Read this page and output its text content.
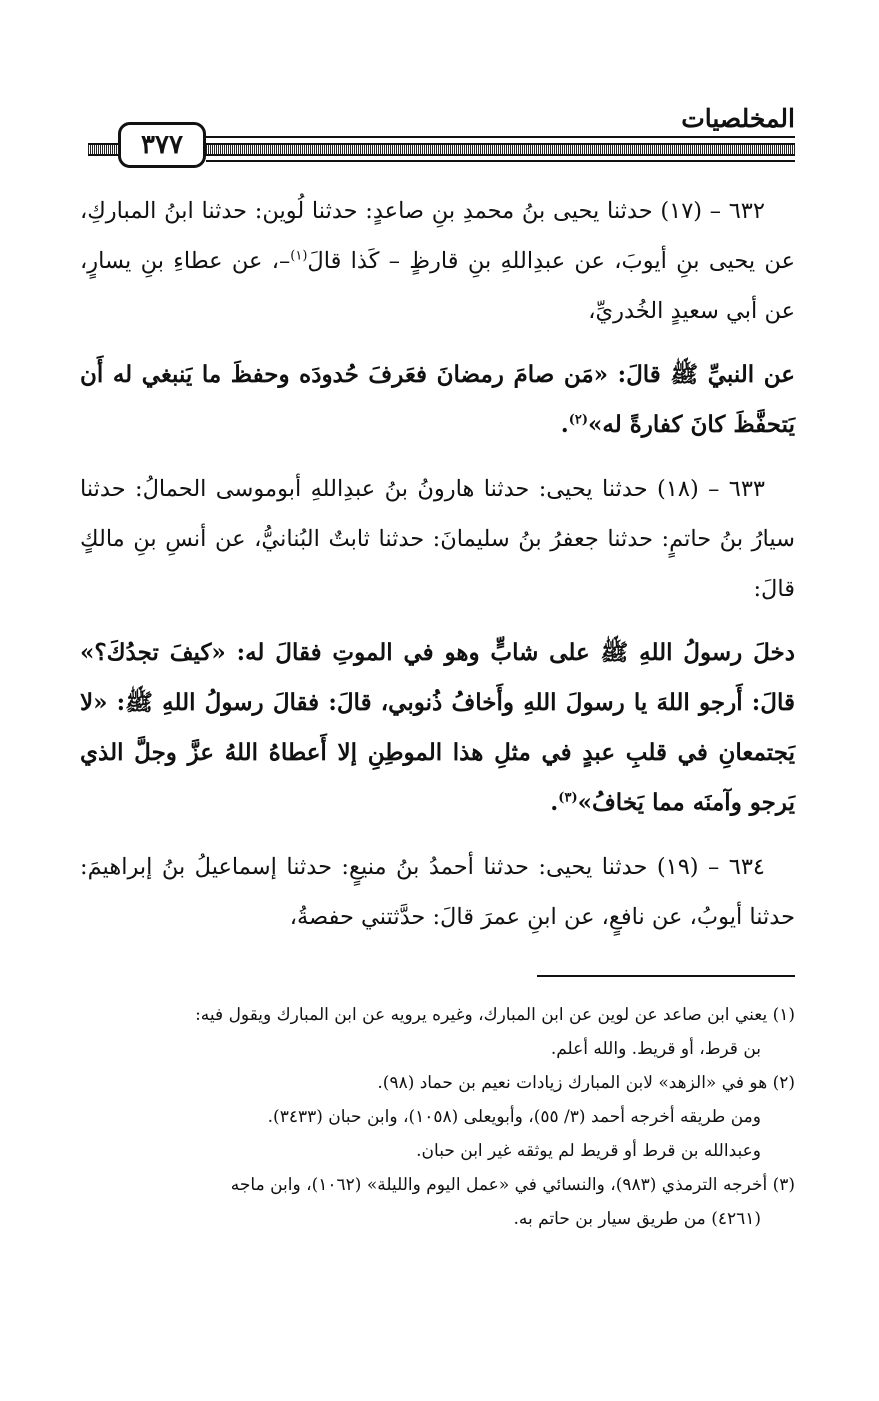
المخلصيات
٣٧٧

٦٣٢ – (١٧) حدثنا يحيى بنُ محمدِ بنِ صاعدٍ: حدثنا لُوين: حدثنا ابنُ المباركِ، عن يحيى بنِ أيوبَ، عن عبدِاللهِ بنِ قارظٍ – كَذا قالَ$^{(١)}$–، عن عطاءِ بنِ يسارٍ، عن أبي سعيدٍ الخُدريِّ،

عن النبيِّ ﷺ قالَ: «مَن صامَ رمضانَ فعَرفَ حُدودَه وحفظَ ما يَنبغي له أَن يَتحفَّظَ كانَ كفارةً له»$^{(٢)}$.

٦٣٣ – (١٨) حدثنا يحيى: حدثنا هارونُ بنُ عبدِاللهِ أبوموسى الحمالُ: حدثنا سيارُ بنُ حاتمٍ: حدثنا جعفرُ بنُ سليمانَ: حدثنا ثابتٌ البُنانيُّ، عن أنسِ بنِ مالكٍ قالَ:

دخلَ رسولُ اللهِ ﷺ على شابٍّ وهو في الموتِ فقالَ له: «كيفَ تجدُكَ؟» قالَ: أَرجو اللهَ يا رسولَ اللهِ وأَخافُ ذُنوبي، قالَ: فقالَ رسولُ اللهِ ﷺ: «لا يَجتمعانِ في قلبِ عبدٍ في مثلِ هذا الموطِنِ إلا أَعطاهُ اللهُ عزَّ وجلَّ الذي يَرجو وآمنَه مما يَخافُ»$^{(٣)}$.

٦٣٤ – (١٩) حدثنا يحيى: حدثنا أحمدُ بنُ منيعٍ: حدثنا إسماعيلُ بنُ إبراهيمَ: حدثنا أيوبُ، عن نافعٍ، عن ابنِ عمرَ قالَ: حدَّثتني حفصةُ،

(١) يعني ابن صاعد عن لوين عن ابن المبارك، وغيره يرويه عن ابن المبارك ويقول فيه:

بن قرط، أو قريط. والله أعلم.

(٢) هو في «الزهد» لابن المبارك زيادات نعيم بن حماد (٩٨).

ومن طريقه أخرجه أحمد (٣/ ٥٥)، وأبويعلى (١٠٥٨)، وابن حبان (٣٤٣٣).

وعبدالله بن قرط أو قريط لم يوثقه غير ابن حبان.

(٣) أخرجه الترمذي (٩٨٣)، والنسائي في «عمل اليوم والليلة» (١٠٦٢)، وابن ماجه

(٤٢٦١) من طريق سيار بن حاتم به.
